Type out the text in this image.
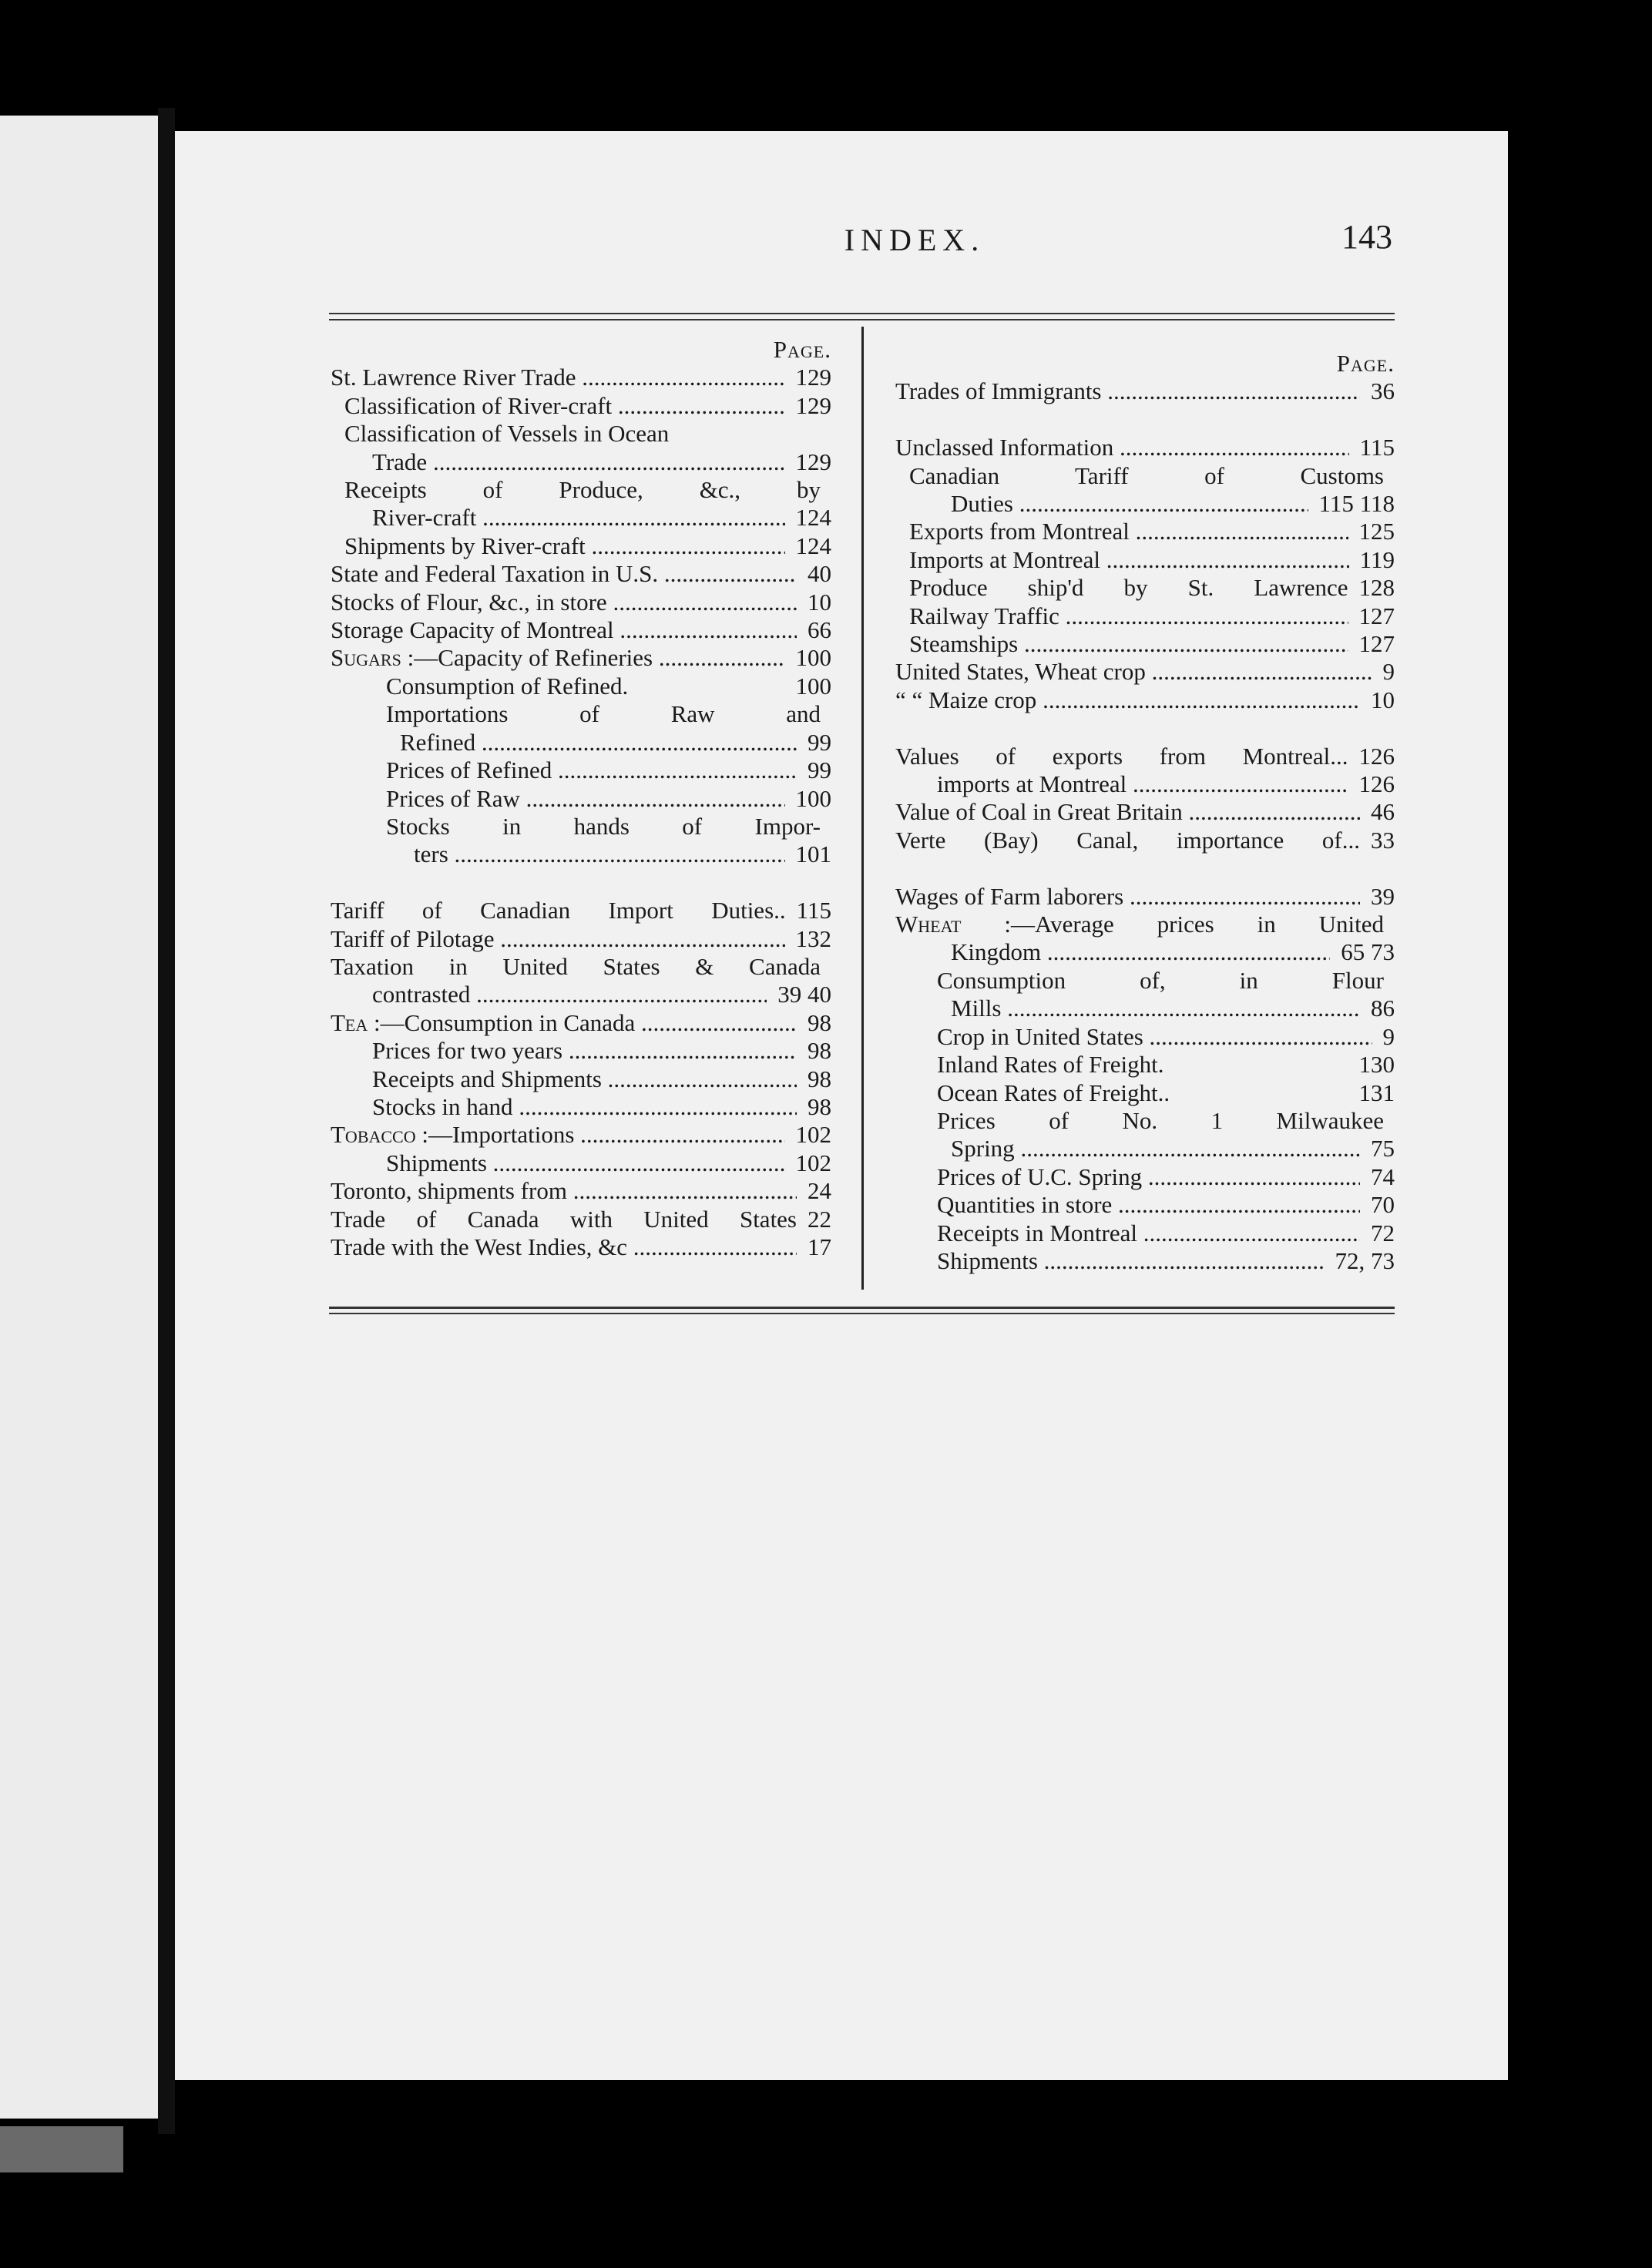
INDEX.	143
Page.
St. Lawrence River Trade .....	129
Classification of River-craft .....	129
Classification of Vessels in Ocean
Trade .....	129
Receipts of Produce, &c., by
River-craft .....	124
Shipments by River-craft .....	124
State and Federal Taxation in U.S. .....	40
Stocks of Flour, &c., in store .....	10
Storage Capacity of Montreal .....	66
Sugars :—Capacity of Refineries .....	100
Consumption of Refined.	100
Importations of Raw and
Refined .....	99
Prices of Refined .....	99
Prices of Raw .....	100
Stocks in hands of Impor-
ters .....	101
Tariff of Canadian Import Duties.. 115
Tariff of Pilotage .....	132
Taxation in United States & Canada
contrasted .....	39 40
Tea :—Consumption in Canada .....	98
Prices for two years .....	98
Receipts and Shipments .....	98
Stocks in hand .....	98
Tobacco :—Importations .....	102
Shipments .....	102
Toronto, shipments from .....	24
Trade of Canada with United States 22
Trade with the West Indies, &c .....	17
Page.
Trades of Immigrants .....	36
Unclassed Information .....	115
Canadian Tariff of Customs
Duties .....	115 118
Exports from Montreal .....	125
Imports at Montreal .....	119
Produce ship'd by St. Lawrence 128
Railway Traffic .....	127
Steamships .....	127
United States, Wheat crop .....	9
“ “ Maize crop .....	10
Values of exports from Montreal... 126
imports at Montreal .....	126
Value of Coal in Great Britain .....	46
Verte (Bay) Canal, importance of... 33
Wages of Farm laborers .....	39
Wheat :—Average prices in United
Kingdom .....	65 73
Consumption of, in Flour
Mills .....	86
Crop in United States .....	9
Inland Rates of Freight.	130
Ocean Rates of Freight..	131
Prices of No. 1 Milwaukee
Spring .....	75
Prices of U.C. Spring .....	74
Quantities in store .....	70
Receipts in Montreal .....	72
Shipments .....	72, 73
